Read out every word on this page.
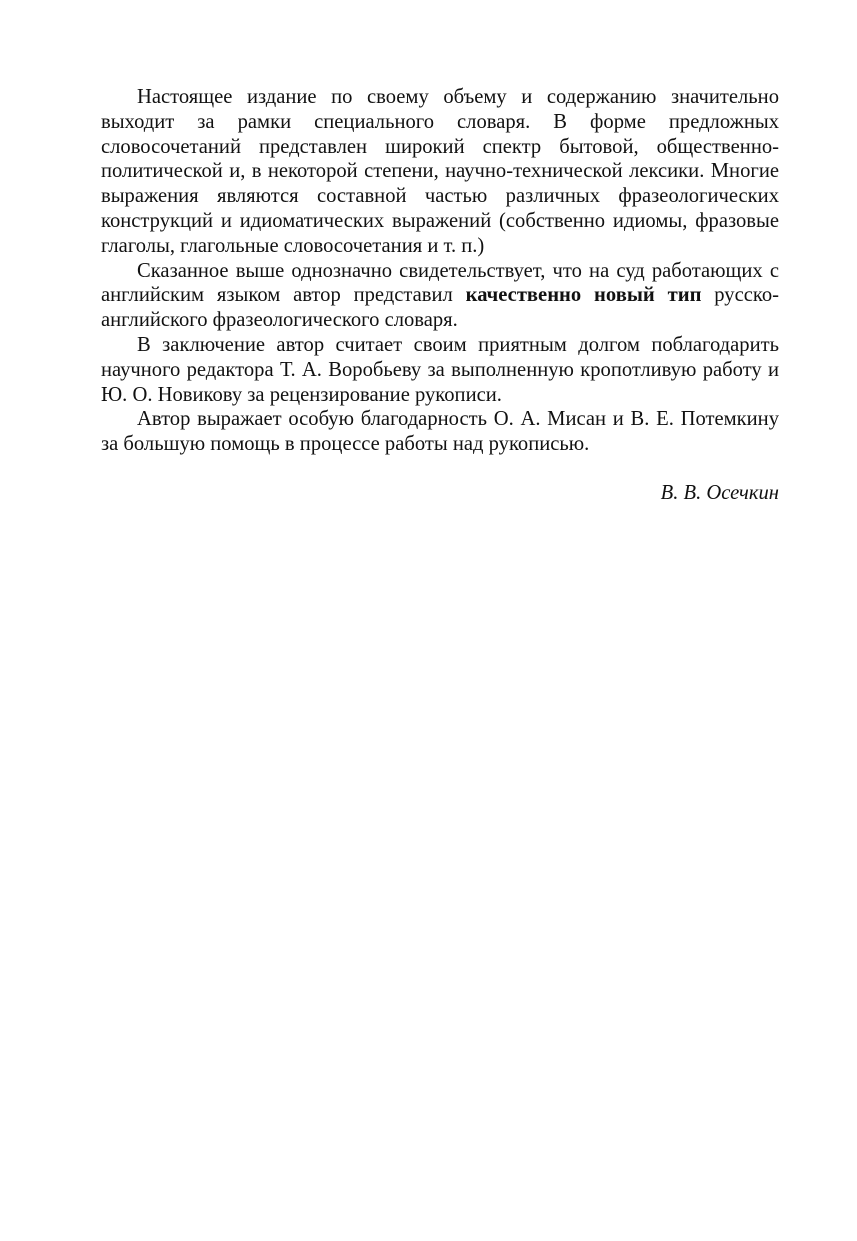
Настоящее издание по своему объему и содержанию значительно выходит за рамки специального словаря. В форме предложных словосочетаний представлен широкий спектр бытовой, общественно-политической и, в некоторой степени, научно-технической лексики. Многие выражения являются составной частью различных фразеологических конструкций и идиоматических выражений (собственно идиомы, фразовые глаголы, глагольные словосочетания и т. п.)

Сказанное выше однозначно свидетельствует, что на суд работающих с английским языком автор представил качественно новый тип русско-английского фразеологического словаря.

В заключение автор считает своим приятным долгом поблагодарить научного редактора Т. А. Воробьеву за выполненную кропотливую работу и Ю. О. Новикову за рецензирование рукописи.

Автор выражает особую благодарность О. А. Мисан и В. Е. Потемкину за большую помощь в процессе работы над рукописью.

В. В. Осечкин
